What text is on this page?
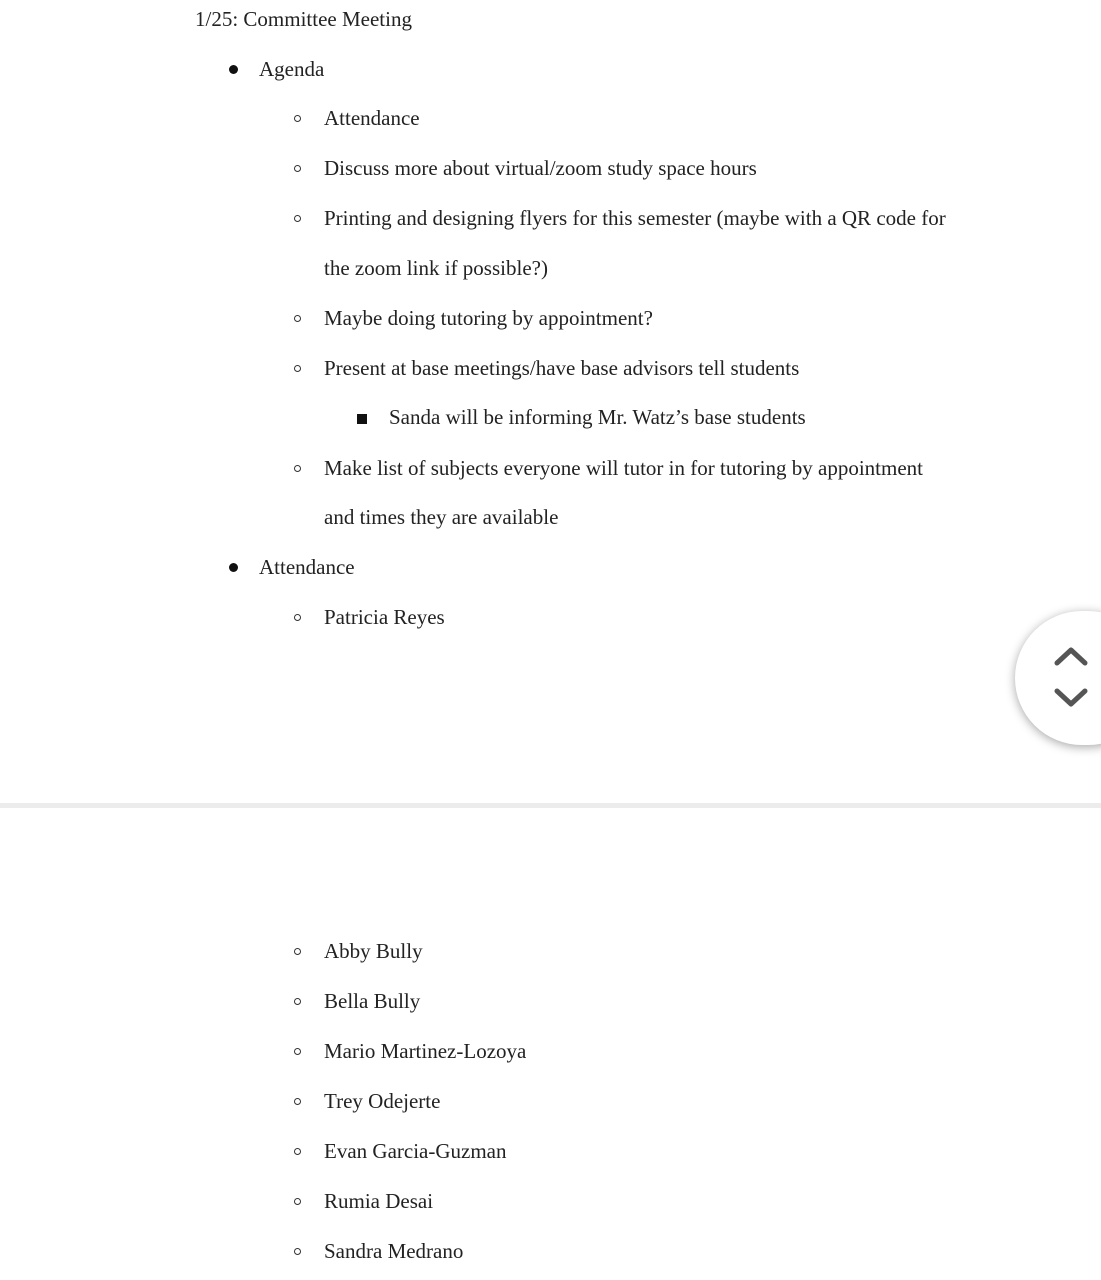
1/25: Committee Meeting
Agenda
Attendance
Discuss more about virtual/zoom study space hours
Printing and designing flyers for this semester (maybe with a QR code for
the zoom link if possible?)
Maybe doing tutoring by appointment?
Present at base meetings/have base advisors tell students
Sanda will be informing Mr. Watz’s base students
Make list of subjects everyone will tutor in for tutoring by appointment
and times they are available
Attendance
Patricia Reyes
Abby Bully
Bella Bully
Mario Martinez-Lozoya
Trey Odejerte
Evan Garcia-Guzman
Rumia Desai
Sandra Medrano
